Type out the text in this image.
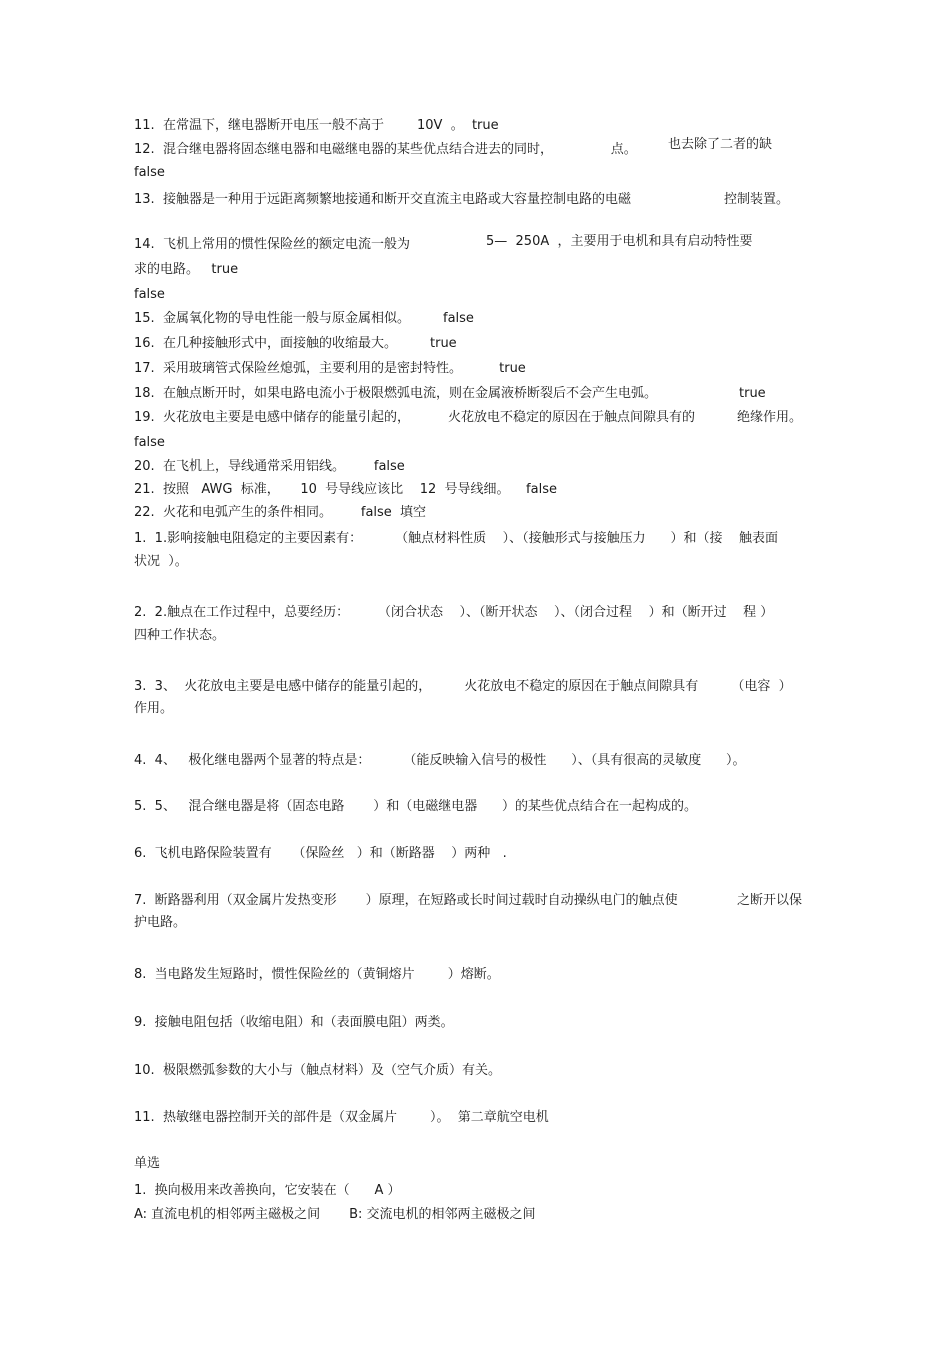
11.  在常温下，继电器断开电压一般不高于        10V  。  true
12.  混合继电器将固态继电器和电磁继电器的某些优点结合进去的同时，              点。 也去除了二者的缺
false
13.  接触器是一种用于远距离频繁地接通和断开交直流主电路或大容量控制电路的电磁	控制装置。
14.  飞机上常用的惯性保险丝的额定电流一般为	5—  250A  ，主要用于电机和具有启动特性要
求的电路。   true
false
15.  金属氧化物的导电性能一般与原金属相似。        false
16.  在几种接触形式中，面接触的收缩最大。        true
17.  采用玻璃管式保险丝熄弧，主要利用的是密封特性。         true
18.  在触点断开时，如果电路电流小于极限燃弧电流，则在金属液桥断裂后不会产生电弧。	true
19.  火花放电主要是电感中储存的能量引起的，	火花放电不稳定的原因在于触点间隙具有的	绝缘作用。
false
20.  在飞机上，导线通常采用铝线。       false
21.  按照   AWG  标准，     10  号导线应该比    12  号导线细。    false
22.  火花和电弧产生的条件相同。       false  填空
1.  1.影响接触电阻稳定的主要因素有：        （触点材料性质    ）、（接触形式与接触压力      ）和（接    触表面
状况  ）。
2.  2.触点在工作过程中，总要经历：       （闭合状态    ）、（断开状态    ）、（闭合过程    ）和（断开过    程 ）
四种工作状态。
3.  3、  火花放电主要是电感中储存的能量引起的，        火花放电不稳定的原因在于触点间隙具有        （电容  ）
作用。
4.  4、   极化继电器两个显著的特点是：        （能反映输入信号的极性      ）、（具有很高的灵敏度      ）。
5.  5、   混合继电器是将（固态电路       ）和（电磁继电器      ）的某些优点结合在一起构成的。
6.  飞机电路保险装置有     （保险丝   ）和（断路器    ）两种   .
7.  断路器利用（双金属片发热变形       ）原理，在短路或长时间过载时自动操纵电门的触点使	之断开以保
护电路。
8.  当电路发生短路时，惯性保险丝的（黄铜熔片        ）熔断。
9.  接触电阻包括（收缩电阻）和（表面膜电阻）两类。
10.  极限燃弧参数的大小与（触点材料）及（空气介质）有关。
11.  热敏继电器控制开关的部件是（双金属片        ）。  第二章航空电机
单选
1.  换向极用来改善换向，它安装在（      A ）
A: 直流电机的相邻两主磁极之间       B: 交流电机的相邻两主磁极之间
